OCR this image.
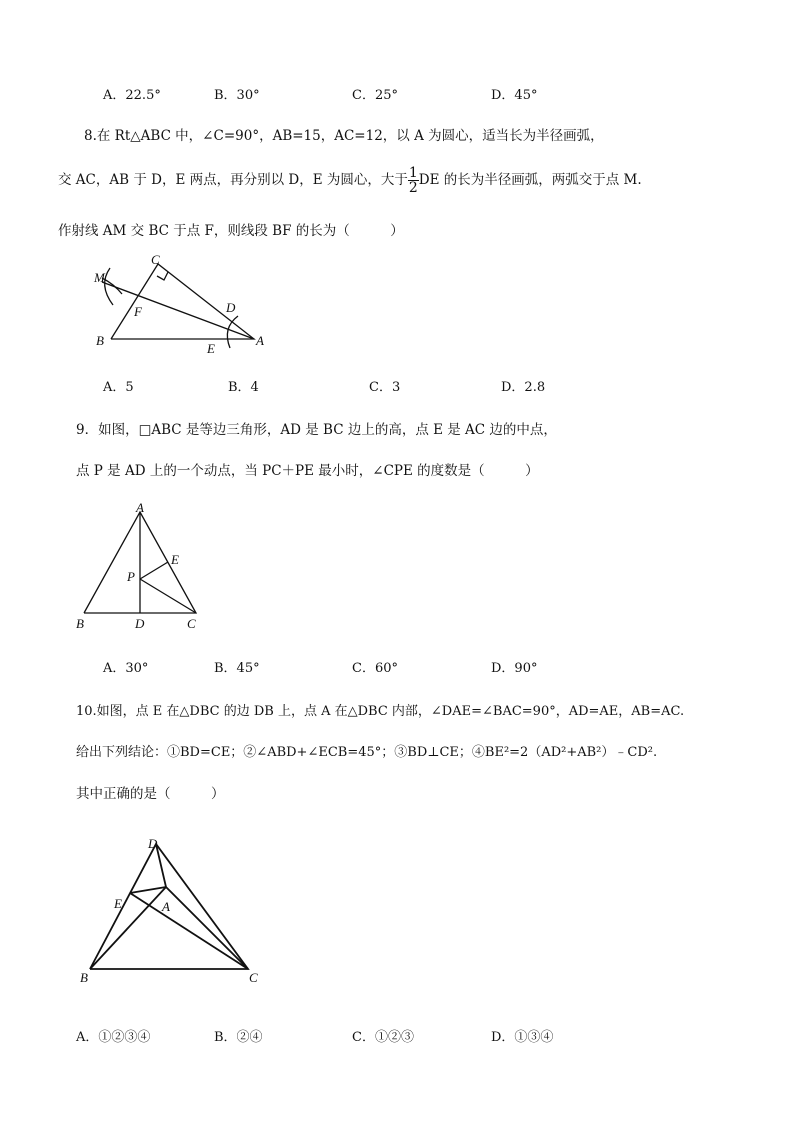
A．22.5°	B．30°	C．25°	D．45°
8.在 Rt△ABC 中，∠C=90°，AB=15，AC=12，以 A 为圆心，适当长为半径画弧，
交 AC，AB 于 D，E 两点，再分别以 D，E 为圆心，大于 $\frac{1}{2}$ DE 的长为半径画弧，两弧交于点 M.
作射线 AM 交 BC 于点 F，则线段 BF 的长为（　　　）
C
M
D
F
B
E
A
A．5	B．4	C．3	D．2.8
9．如图，□ABC 是等边三角形，AD 是 BC 边上的高，点 E 是 AC 边的中点，
点 P 是 AD 上的一个动点，当 PC＋PE 最小时，∠CPE 的度数是（　　　）
A
E
P
B	D	C
A．30°	B．45°	C．60°	D．90°
10.如图，点 E 在△DBC 的边 DB 上，点 A 在△DBC 内部，∠DAE=∠BAC=90°，AD=AE，AB=AC.
给出下列结论：①BD=CE；②∠ABD+∠ECB=45°；③BD⊥CE；④BE²=2（AD²+AB²）﹣CD².
其中正确的是（　　　）
D
E	A
B	C
A．①②③④	B．②④	C．①②③	D．①③④
